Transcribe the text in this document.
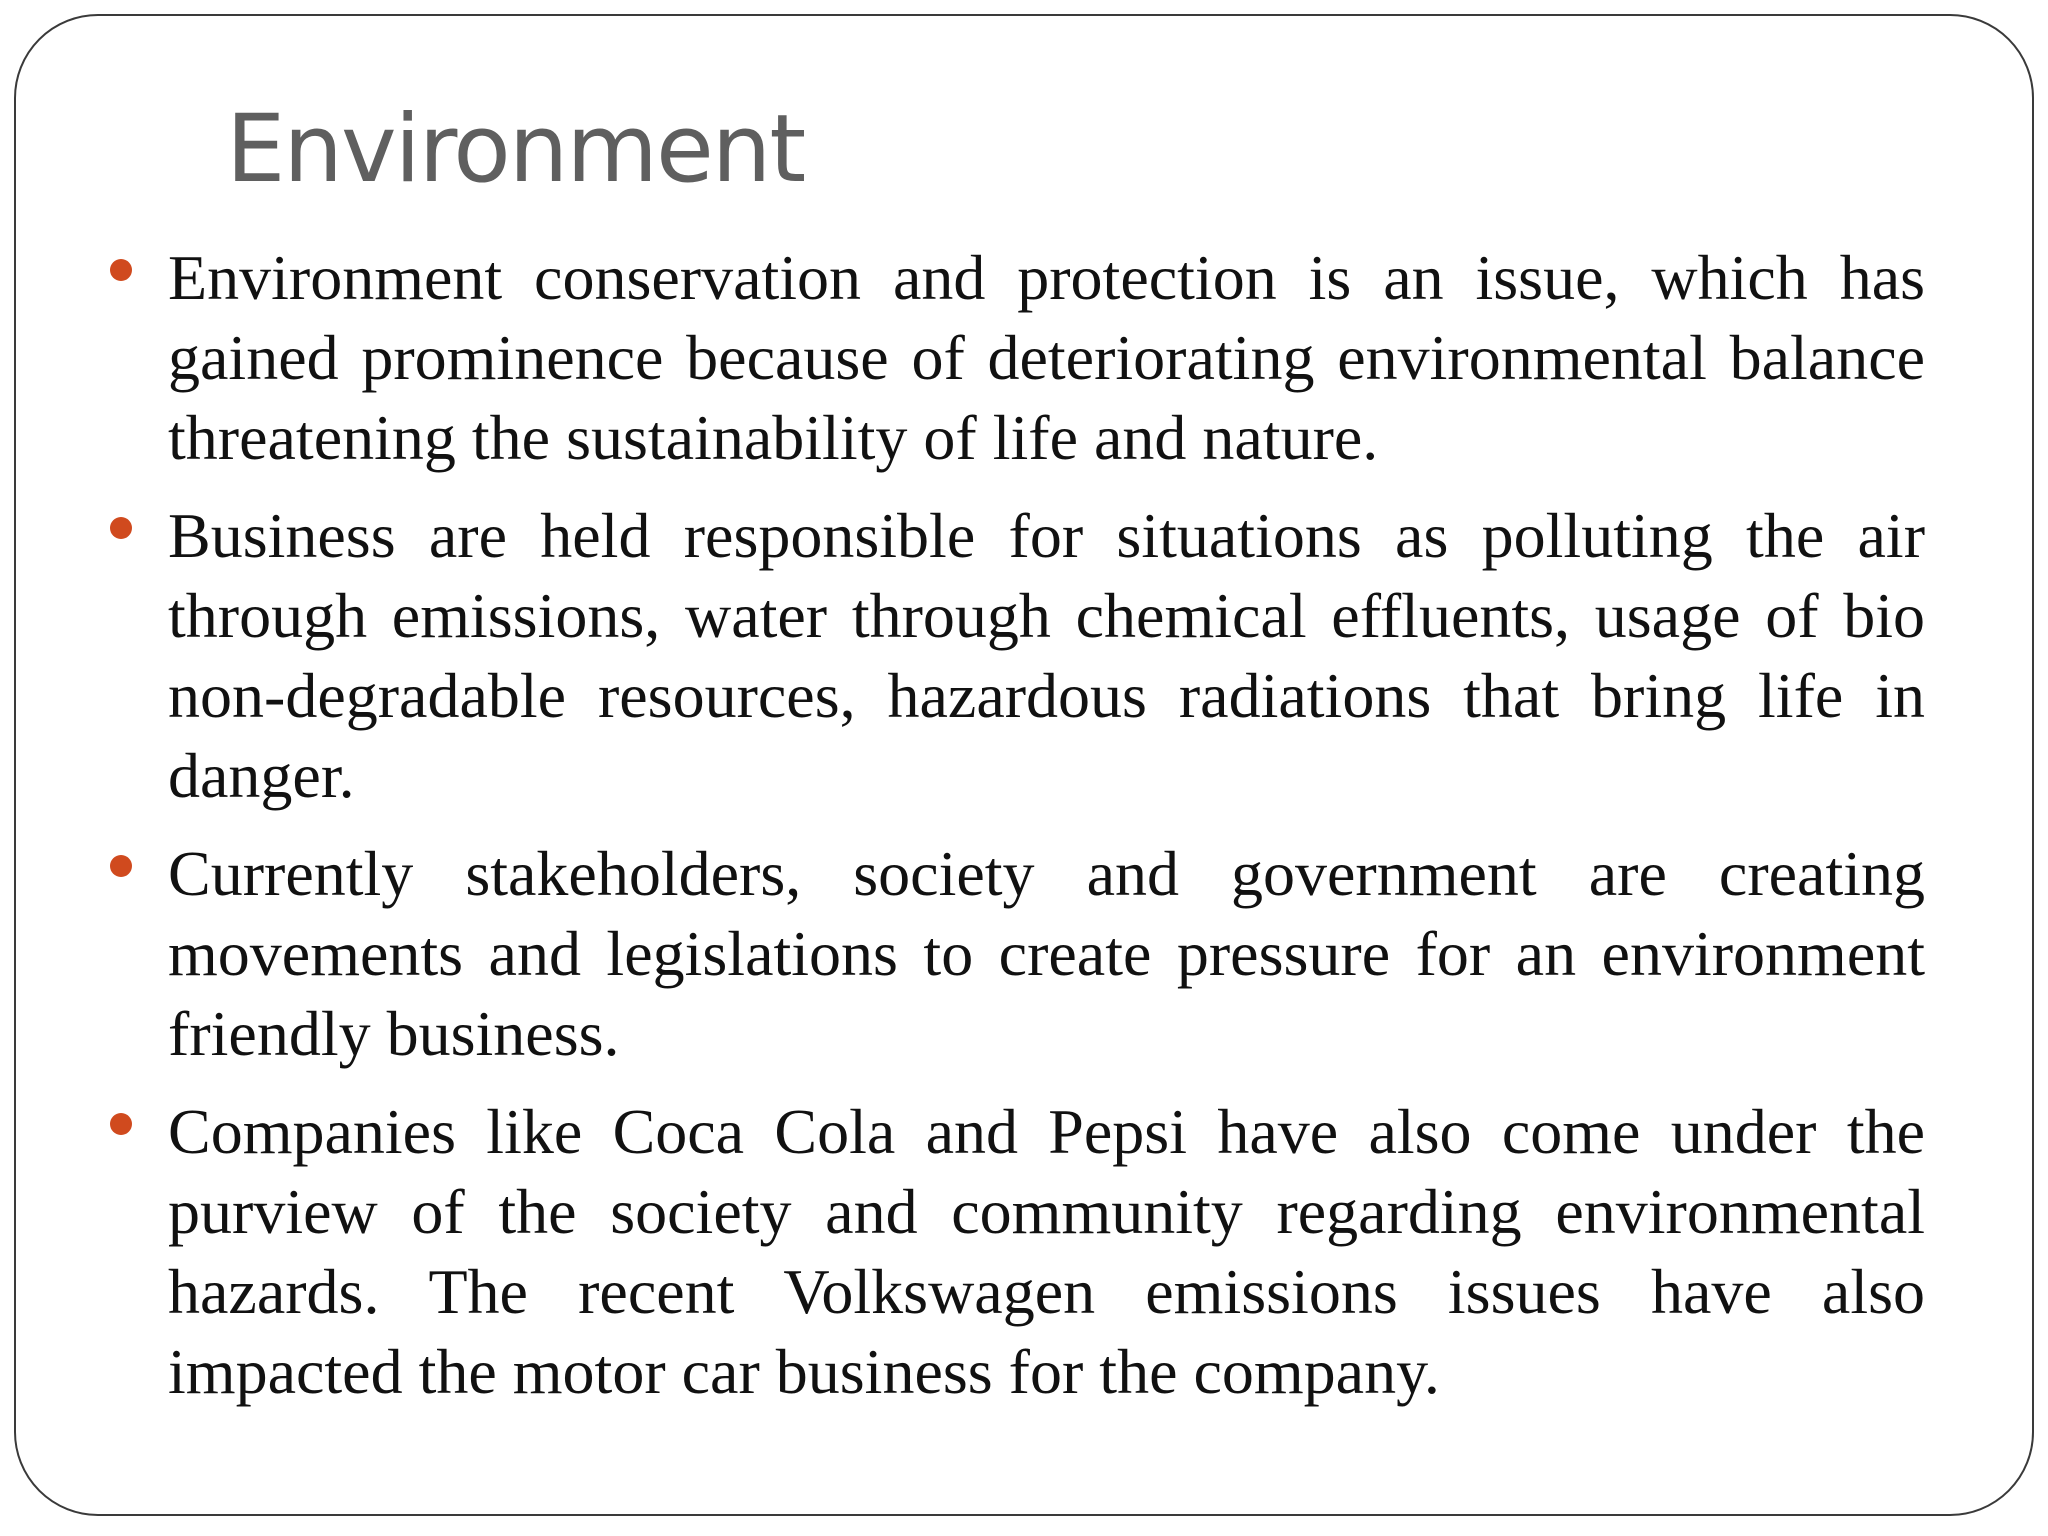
Environment
Environment conservation and protection is an issue, which has gained prominence because of deteriorating environmental balance threatening the sustainability of life and nature.
Business are held responsible for situations as polluting the air through emissions, water through chemical effluents, usage of bio non-degradable resources, hazardous radiations that bring life in danger.
Currently stakeholders, society and government are creating movements and legislations to create pressure for an environment friendly business.
Companies like Coca Cola and Pepsi have also come under the purview of the society and community regarding environmental hazards. The recent Volkswagen emissions issues have also impacted the motor car business for the company.
